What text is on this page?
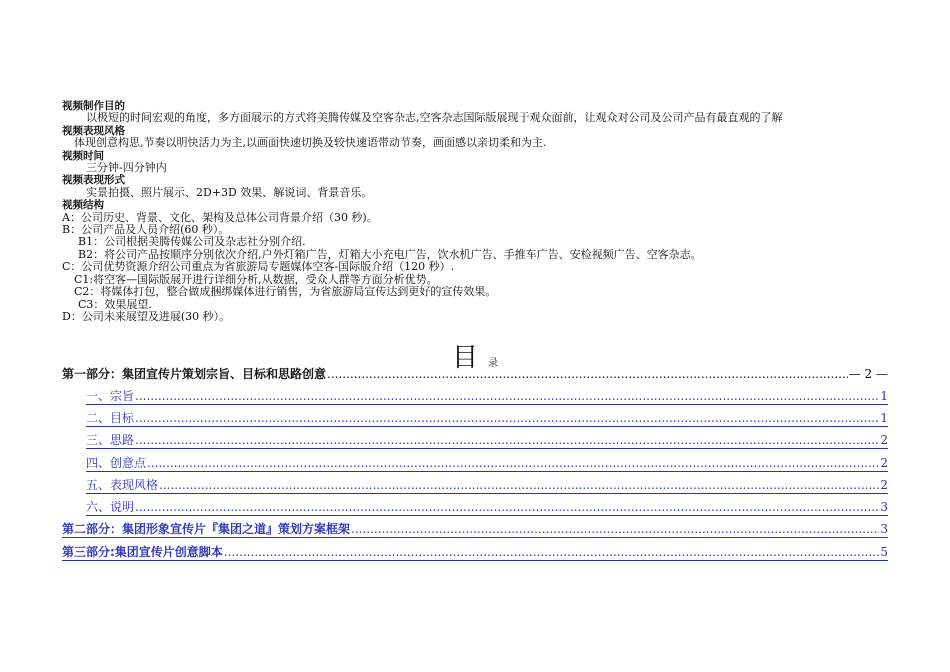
视频制作目的
以极短的时间宏观的角度，多方面展示的方式将美腾传媒及空客杂志,空客杂志国际版展现于观众面前，让观众对公司及公司产品有最直观的了解
视频表现风格
体现创意构思,节奏以明快活力为主,以画面快速切换及较快速语带动节奏，画面感以亲切柔和为主.
视频时间
三分钟-四分钟内
视频表现形式
实景拍摄、照片展示、2D+3D 效果、解说词、背景音乐。
视频结构
A：公司历史、背景、文化、架构及总体公司背景介绍（30 秒)。
B：公司产品及人员介绍(60 秒）。
B1：公司根据美腾传媒公司及杂志社分别介绍.
B2：将公司产品按顺序分别依次介绍,户外灯箱广告，灯箱大小充电广告，饮水机广告、手推车广告、安检视频广告、空客杂志。
C：公司优势资源介绍公司重点为省旅游局专题媒体空客-国际版介绍（120 秒）.
C1:将空客—国际版展开进行详细分析,从数据，受众人群等方面分析优势。
C2：将媒体打包，整合做成捆绑媒体进行销售，为省旅游局宣传达到更好的宣传效果。
C3：效果展望.
D：公司未来展望及进展(30 秒）。
目 录
第一部分：集团宣传片策划宗旨、目标和思路创意 .....	— 2 —
一、宗旨 .....	1
二、目标 .....	1
三、思路 .....	2
四、创意点 .....	2
五、表现风格 .....	2
六、说明 .....	3
第二部分：集团形象宣传片『集团之道』策划方案框架 .....	3
第三部分:集团宣传片创意脚本 .....	5
